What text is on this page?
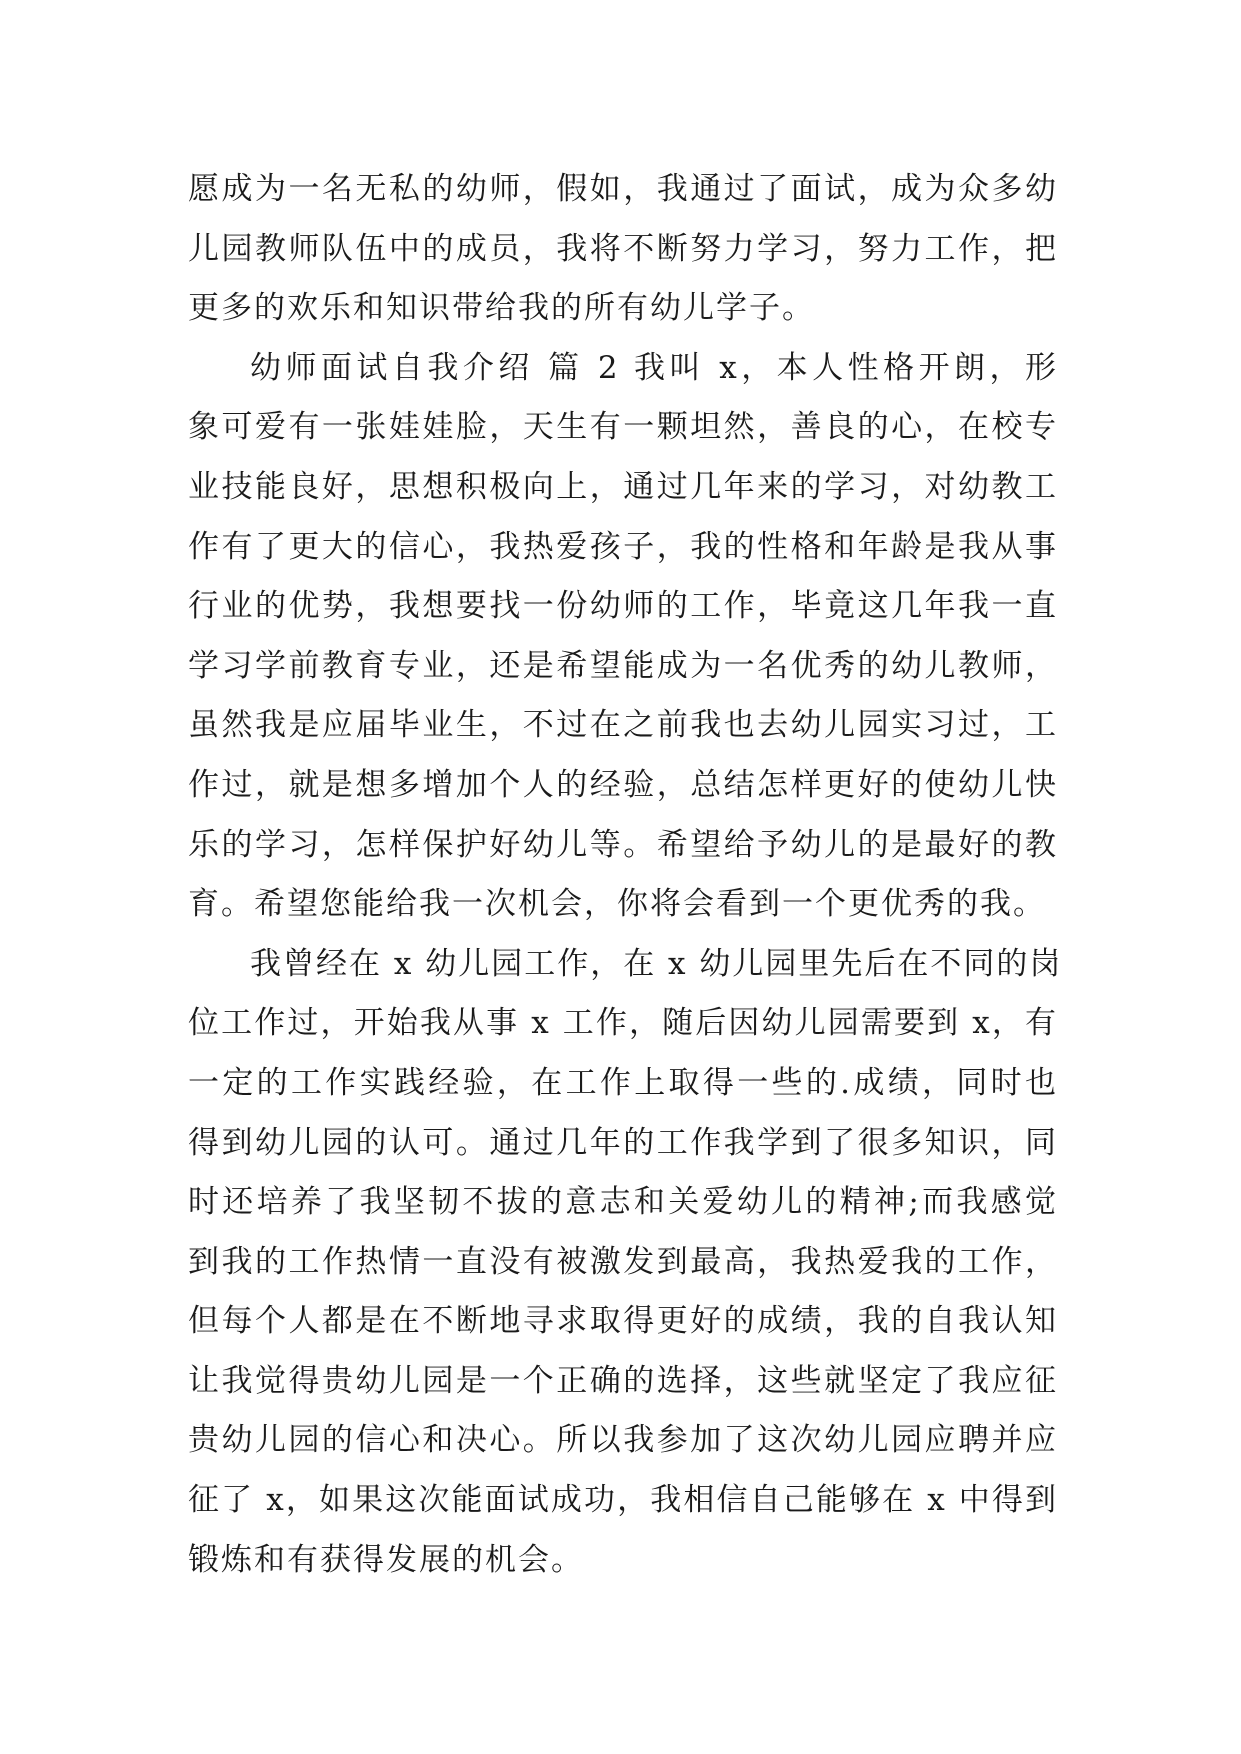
愿成为一名无私的幼师，假如，我通过了面试，成为众多幼
儿园教师队伍中的成员，我将不断努力学习，努力工作，把
更多的欢乐和知识带给我的所有幼儿学子。
幼师面试自我介绍 篇 2 我叫 x，本人性格开朗，形
象可爱有一张娃娃脸，天生有一颗坦然，善良的心，在校专
业技能良好，思想积极向上，通过几年来的学习，对幼教工
作有了更大的信心，我热爱孩子，我的性格和年龄是我从事
行业的优势，我想要找一份幼师的工作，毕竟这几年我一直
学习学前教育专业，还是希望能成为一名优秀的幼儿教师，
虽然我是应届毕业生，不过在之前我也去幼儿园实习过，工
作过，就是想多增加个人的经验，总结怎样更好的使幼儿快
乐的学习，怎样保护好幼儿等。希望给予幼儿的是最好的教
育。希望您能给我一次机会，你将会看到一个更优秀的我。
我曾经在 x 幼儿园工作，在 x 幼儿园里先后在不同的岗
位工作过，开始我从事 x 工作，随后因幼儿园需要到 x，有
一定的工作实践经验，在工作上取得一些的.成绩，同时也
得到幼儿园的认可。通过几年的工作我学到了很多知识，同
时还培养了我坚韧不拔的意志和关爱幼儿的精神;而我感觉
到我的工作热情一直没有被激发到最高，我热爱我的工作，
但每个人都是在不断地寻求取得更好的成绩，我的自我认知
让我觉得贵幼儿园是一个正确的选择，这些就坚定了我应征
贵幼儿园的信心和决心。所以我参加了这次幼儿园应聘并应
征了 x，如果这次能面试成功，我相信自己能够在 x 中得到
锻炼和有获得发展的机会。
